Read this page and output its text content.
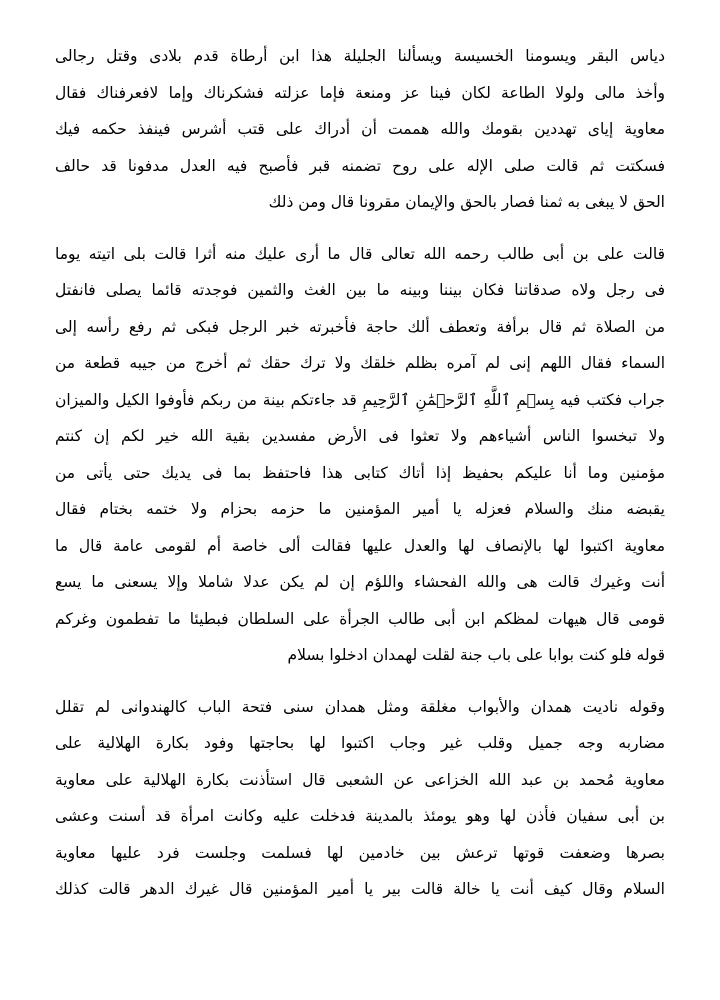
دياس البقر ويسومنا الخسيسة ويسألنا الجليلة هذا ابن أرطاة قدم بلادى وقتل رجالى
وأخذ مالى ولولا الطاعة لكان فينا عز ومنعة فإما عزلته فشكرناك وإما لافعرفناك فقال
معاوية إياى تهددين بقومك والله هممت أن أدراك على قتب أشرس فينفذ حكمه فيك
فسكتت ثم قالت صلى الإله على روح تضمنه قبر فأصبح فيه العدل مدفونا قد حالف
الحق لا يبغى به ثمنا فصار بالحق والإيمان مقرونا قال ومن ذلك
قالت على بن أبى طالب رحمه الله تعالى قال ما أرى عليك منه أثرا قالت بلى اتيته يوما
فى رجل ولاه صدقاتنا فكان بيننا وبينه ما بين الغث والثمين فوجدته قائما يصلى فانفتل
من الصلاة ثم قال برأفة وتعطف ألك حاجة فأخبرته خبر الرجل فبكى ثم رفع رأسه إلى
السماء فقال اللهم إنى لم آمره بظلم خلقك ولا ترك حقك ثم أخرج من جيبه قطعة من
جراب فكتب فيه بِسۡمِ ٱللَّهِ ٱلرَّحۡمَٰنِ ٱلرَّحِيمِ قد جاءتكم بينة من ربكم فأوفوا الكيل والميزان
ولا تبخسوا الناس أشياءهم ولا تعثوا فى الأرض مفسدين بقية الله خير لكم إن كنتم
مؤمنين وما أنا عليكم بحفيظ إذا أتاك كتابى هذا فاحتفظ بما فى يديك حتى يأتى من
يقبضه منك والسلام فعزله يا أمير المؤمنين ما حزمه بحزام ولا ختمه بختام فقال
معاوية اكتبوا لها بالإنصاف لها والعدل عليها فقالت ألى خاصة أم لقومى عامة قال ما
أنت وغيرك قالت هى والله الفحشاء واللؤم إن لم يكن عدلا شاملا وإلا يسعنى ما يسع
قومى قال هيهات لمظكم ابن أبى طالب الجرأة على السلطان فبطيئا ما تفطمون وغركم
قوله فلو كنت بوابا على باب جنة لقلت لهمدان ادخلوا بسلام
وقوله ناديت همدان والأبواب مغلقة ومثل همدان سنى فتحة الباب كالهندوانى لم تقلل
مضاربه وجه جميل وقلب غير وجاب اكتبوا لها بحاجتها وفود بكارة الهلالية على
معاوية مُحمد بن عبد الله الخزاعى عن الشعبى قال استأذنت بكارة الهلالية على معاوية
بن أبى سفيان فأذن لها وهو يومئذ بالمدينة فدخلت عليه وكانت امرأة قد أسنت وعشى
بصرها وضعفت قوتها ترعش بين خادمين لها فسلمت وجلست فرد عليها معاوية
السلام وقال كيف أنت يا خالة قالت بير يا أمير المؤمنين قال غيرك الدهر قالت كذلك
